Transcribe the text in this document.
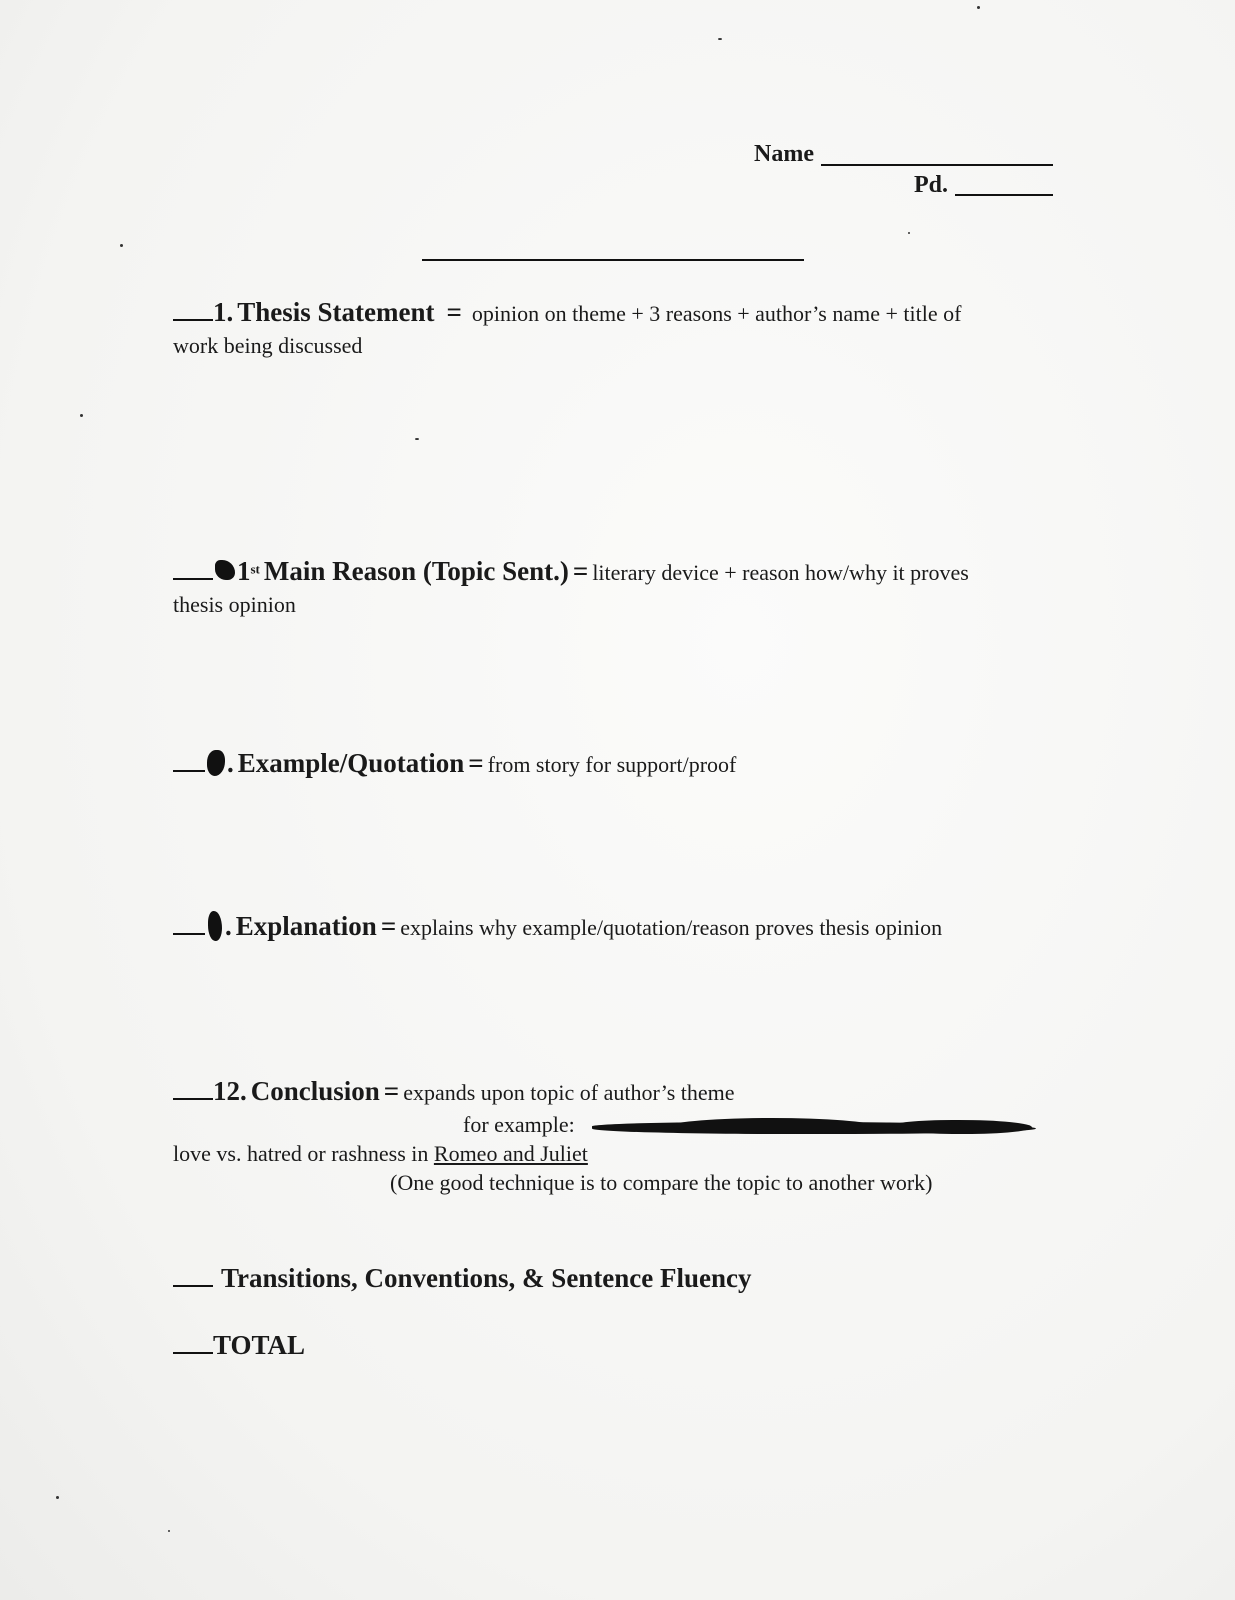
Name
Pd.
1. Thesis Statement = opinion on theme + 3 reasons + author’s name + title of
work being discussed
1st Main Reason (Topic Sent.) = literary device + reason how/why it proves
thesis opinion
. Example/Quotation = from story for support/proof
. Explanation = explains why example/quotation/reason proves thesis opinion
12. Conclusion = expands upon topic of author’s theme
for example:
love vs. hatred or rashness in Romeo and Juliet
(One good technique is to compare the topic to another work)
Transitions, Conventions, & Sentence Fluency
TOTAL
